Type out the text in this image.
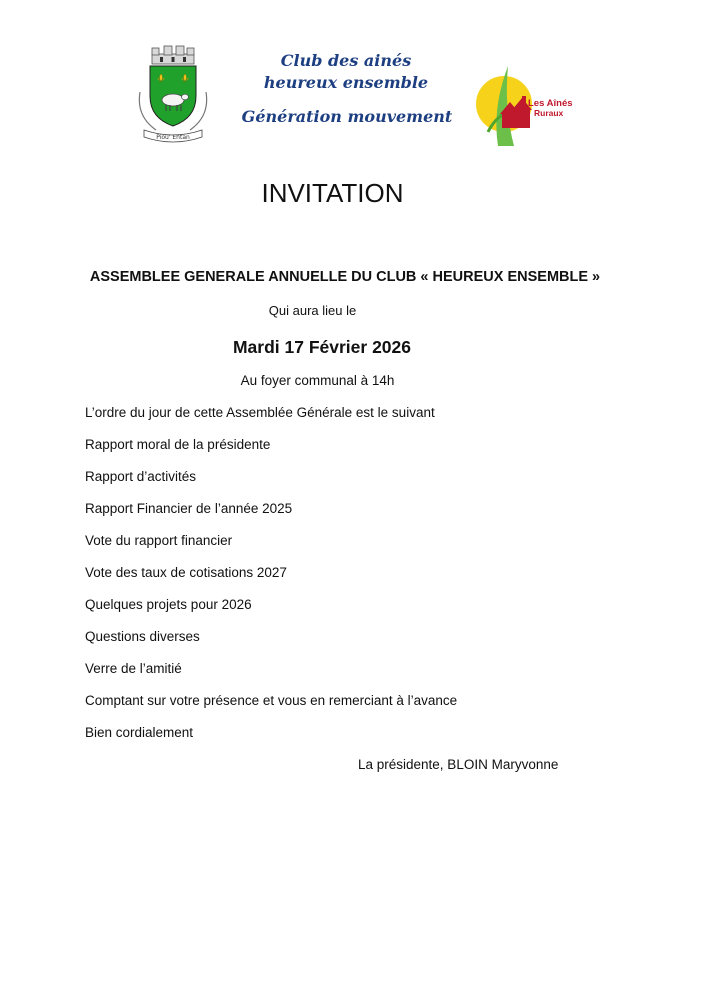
Piou' Entan
Club des ainés
heureux ensemble
Génération mouvement
Les Aînés
Ruraux
INVITATION
ASSEMBLEE GENERALE ANNUELLE DU CLUB « HEUREUX ENSEMBLE »
Qui aura lieu le
Mardi 17 Février 2026
Au foyer communal à 14h
L’ordre du jour de cette Assemblée Générale est le suivant
Rapport moral de la présidente
Rapport d’activités
Rapport Financier de l’année 2025
Vote du rapport financier
Vote des taux de cotisations 2027
Quelques projets pour 2026
Questions diverses
Verre de l’amitié
Comptant sur votre présence et vous en remerciant à l’avance
Bien cordialement
La présidente, BLOIN Maryvonne
